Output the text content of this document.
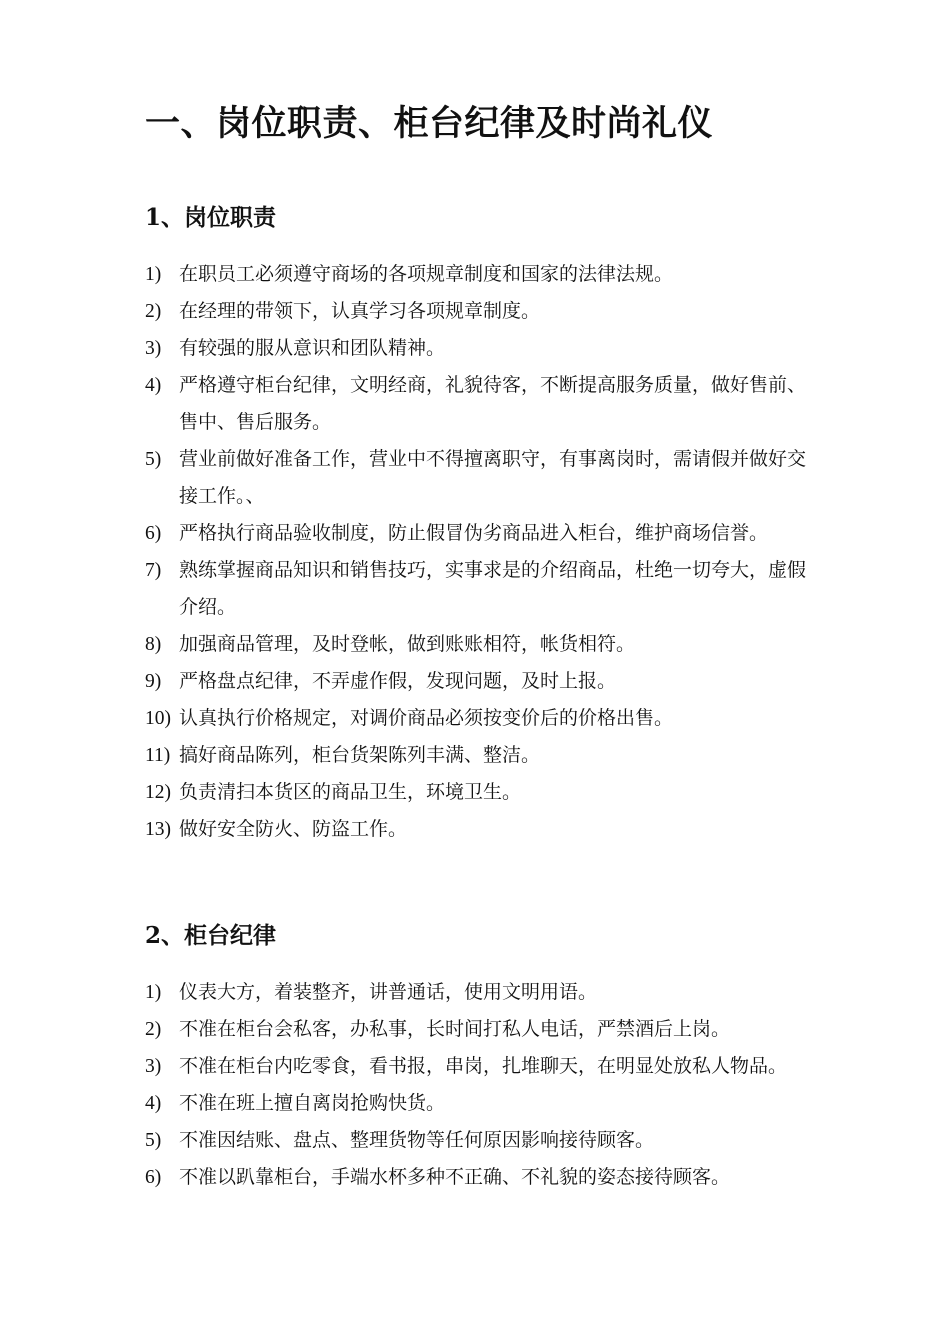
一、岗位职责、柜台纪律及时尚礼仪
1、岗位职责
1) 在职员工必须遵守商场的各项规章制度和国家的法律法规。
2) 在经理的带领下，认真学习各项规章制度。
3) 有较强的服从意识和团队精神。
4) 严格遵守柜台纪律，文明经商，礼貌待客，不断提高服务质量，做好售前、售中、售后服务。
5) 营业前做好准备工作，营业中不得擅离职守，有事离岗时，需请假并做好交接工作。、
6) 严格执行商品验收制度，防止假冒伪劣商品进入柜台，维护商场信誉。
7) 熟练掌握商品知识和销售技巧，实事求是的介绍商品，杜绝一切夸大，虚假介绍。
8) 加强商品管理，及时登帐，做到账账相符，帐货相符。
9) 严格盘点纪律，不弄虚作假，发现问题，及时上报。
10) 认真执行价格规定，对调价商品必须按变价后的价格出售。
11) 搞好商品陈列，柜台货架陈列丰满、整洁。
12) 负责清扫本货区的商品卫生，环境卫生。
13) 做好安全防火、防盗工作。
2、柜台纪律
1) 仪表大方，着装整齐，讲普通话，使用文明用语。
2) 不准在柜台会私客，办私事，长时间打私人电话，严禁酒后上岗。
3) 不准在柜台内吃零食，看书报，串岗，扎堆聊天，在明显处放私人物品。
4) 不准在班上擅自离岗抢购快货。
5) 不准因结账、盘点、整理货物等任何原因影响接待顾客。
6) 不准以趴靠柜台，手端水杯多种不正确、不礼貌的姿态接待顾客。
